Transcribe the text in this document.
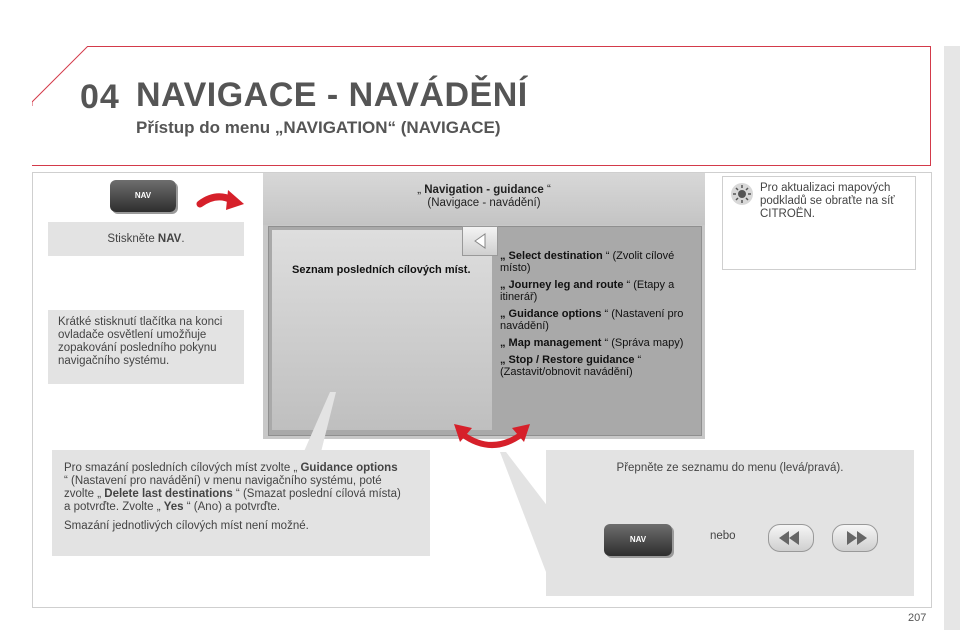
04 NAVIGACE - NAVÁDĚNÍ
Přístup do menu „NAVIGATION“ (NAVIGACE)
NAV
Stiskněte NAV.
Krátké stisknutí tlačítka na konci ovladače osvětlení umožňuje zopakování posledního pokynu navigačního systému.
„ Navigation - guidance “
(Navigace - navádění)
Seznam posledních cílových míst.
„ Select destination “ (Zvolit cílové místo)
„ Journey leg and route “ (Etapy a itinerář)
„ Guidance options “ (Nastavení pro navádění)
„ Map management “ (Správa mapy)
„ Stop / Restore guidance “ (Zastavit/obnovit navádění)
Pro aktualizaci mapových podkladů se obraťte na síť CITROËN.
Pro smazání posledních cílových míst zvolte „ Guidance options “ (Nastavení pro navádění) v menu navigačního systému, poté zvolte „ Delete last destinations “ (Smazat poslední cílová místa) a potvrďte. Zvolte „ Yes “ (Ano) a potvrďte.
Smazání jednotlivých cílových míst není možné.
Přepněte ze seznamu do menu (levá/pravá).
NAV	nebo
207
